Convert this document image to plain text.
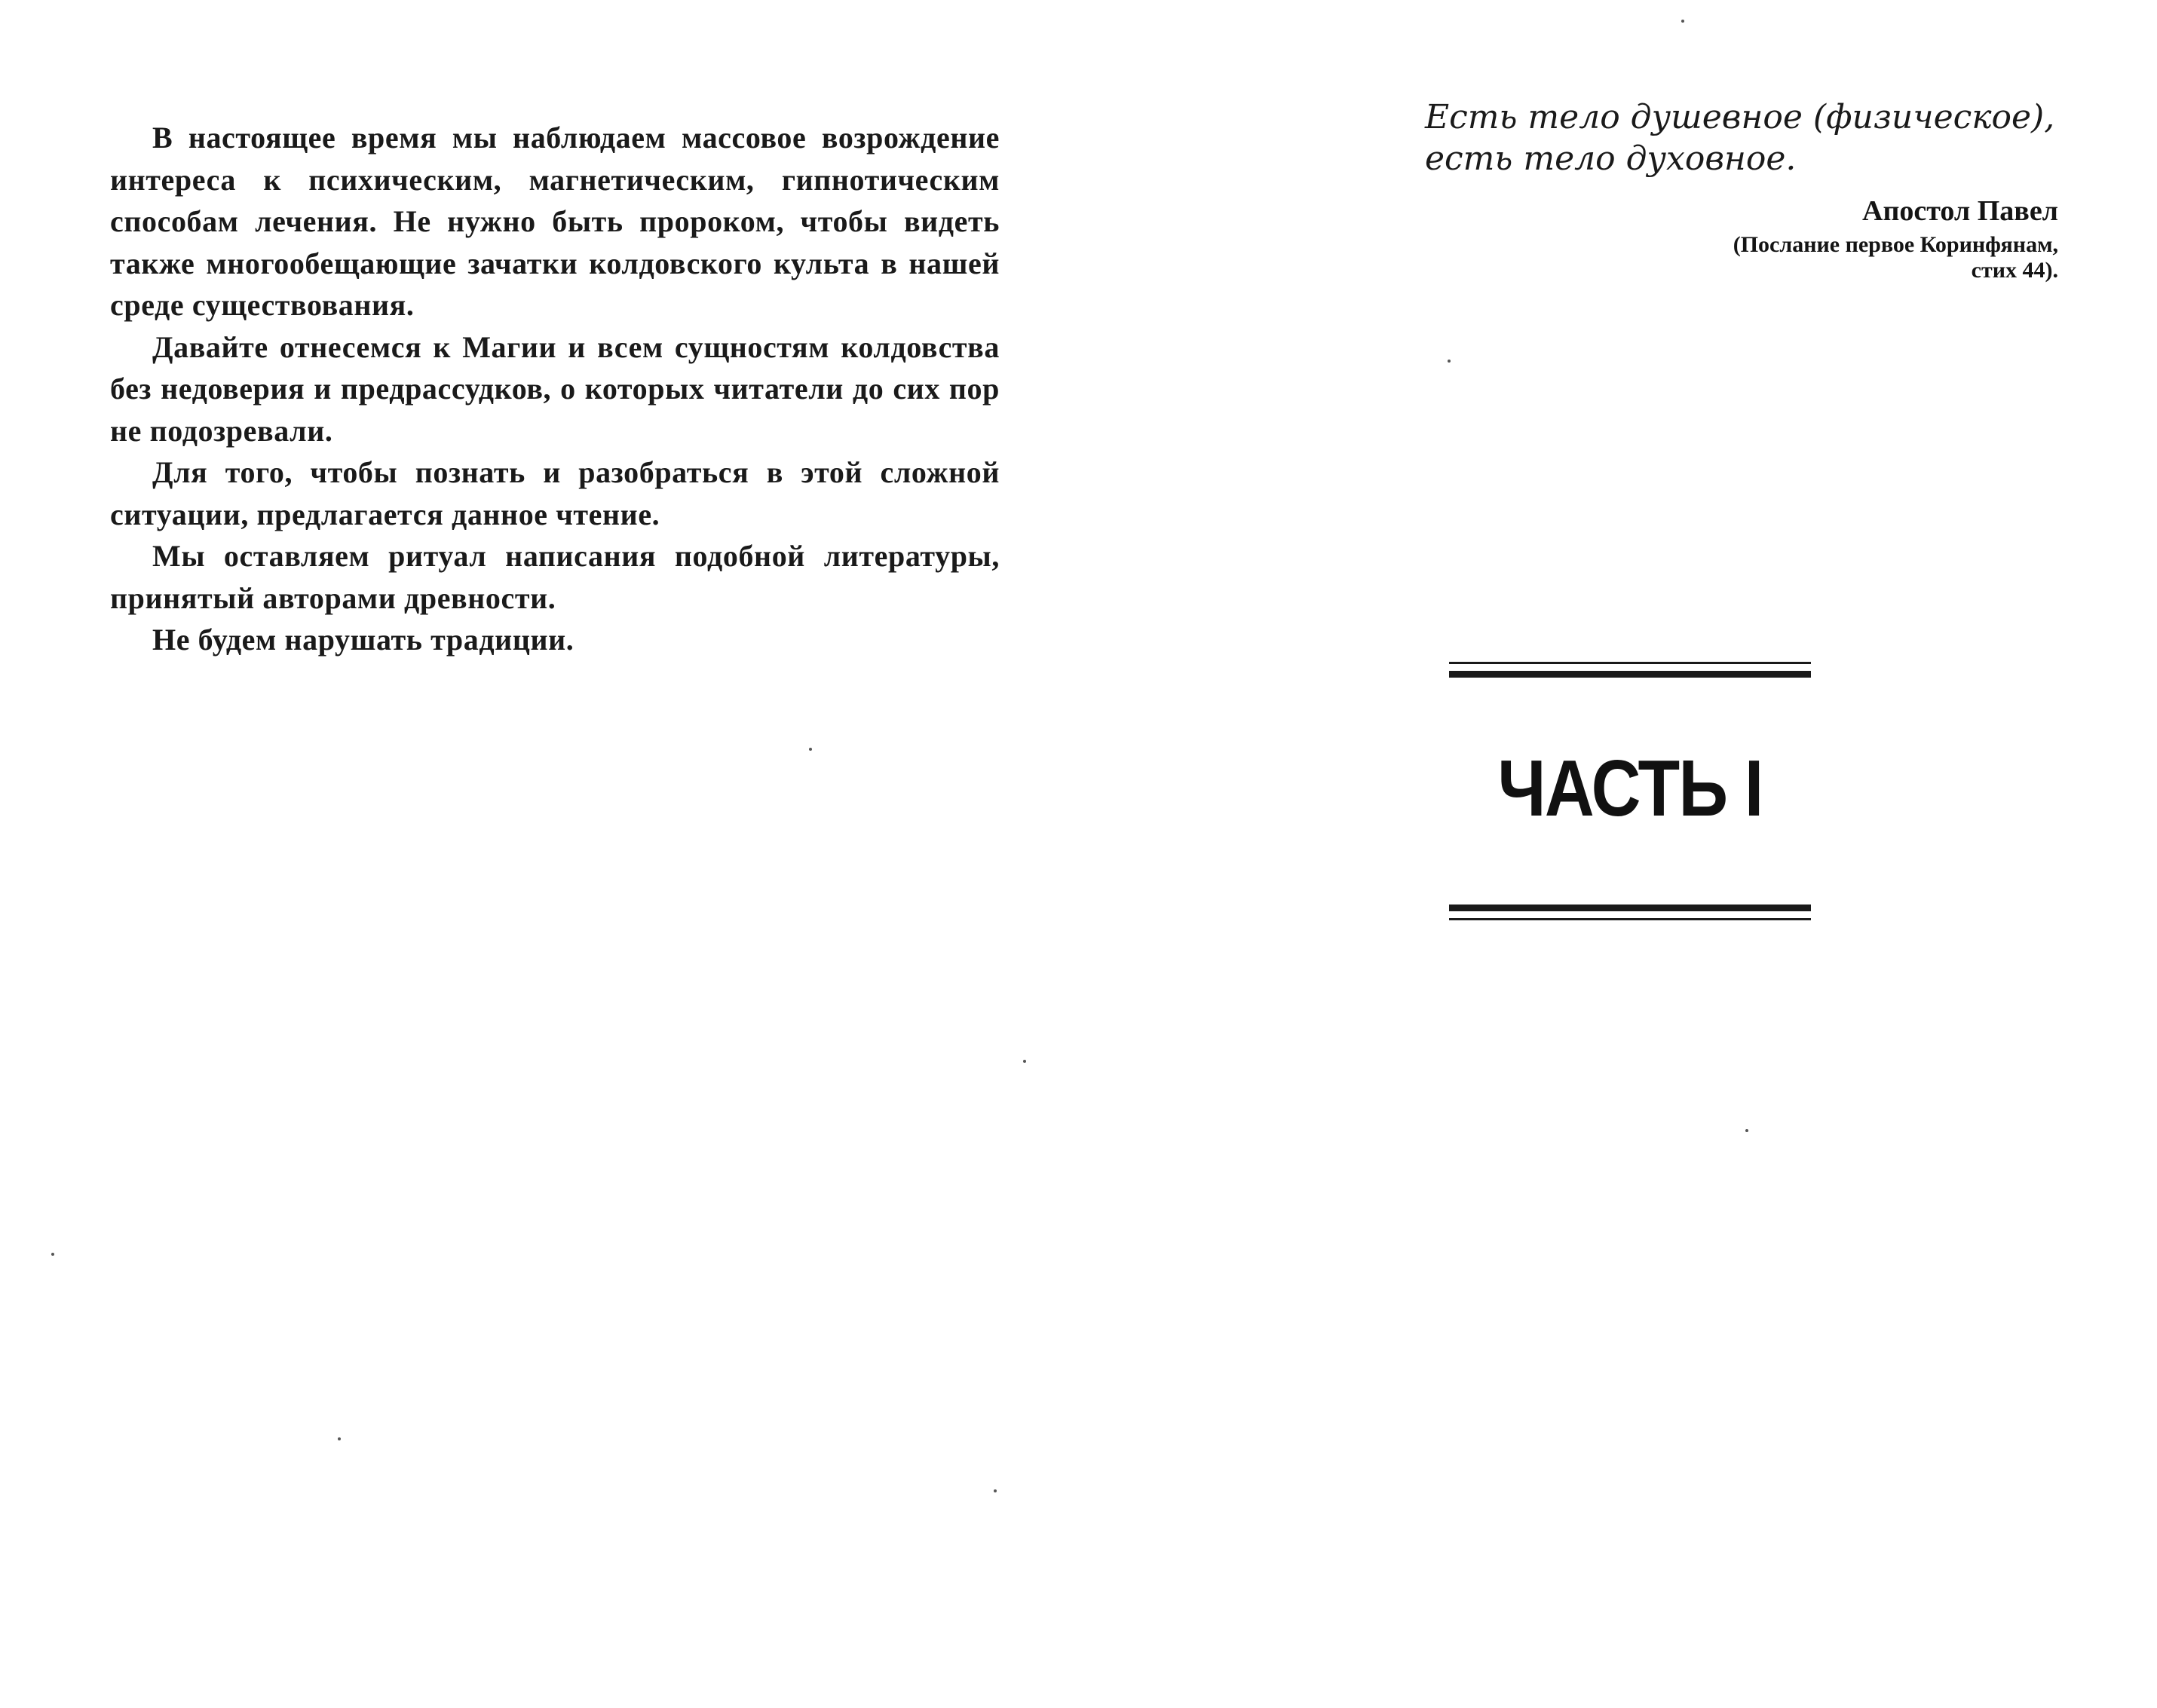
В настоящее время мы наблюдаем массовое возрождение интереса к психическим, магнетическим, гипнотическим способам лечения. Не нужно быть пророком, чтобы видеть также многообещающие зачатки колдовского культа в нашей среде существования.

Давайте отнесемся к Магии и всем сущностям колдовства без недоверия и предрассудков, о которых читатели до сих пор не подозревали.

Для того, чтобы познать и разобраться в этой сложной ситуации, предлагается данное чтение.

Мы оставляем ритуал написания подобной литературы, принятый авторами древности.

Не будем нарушать традиции.

Есть тело душевное (физическое),
есть тело духовное.

Апостол Павел
(Послание первое Коринфянам,
стих 44).
ЧАСТЬ I
